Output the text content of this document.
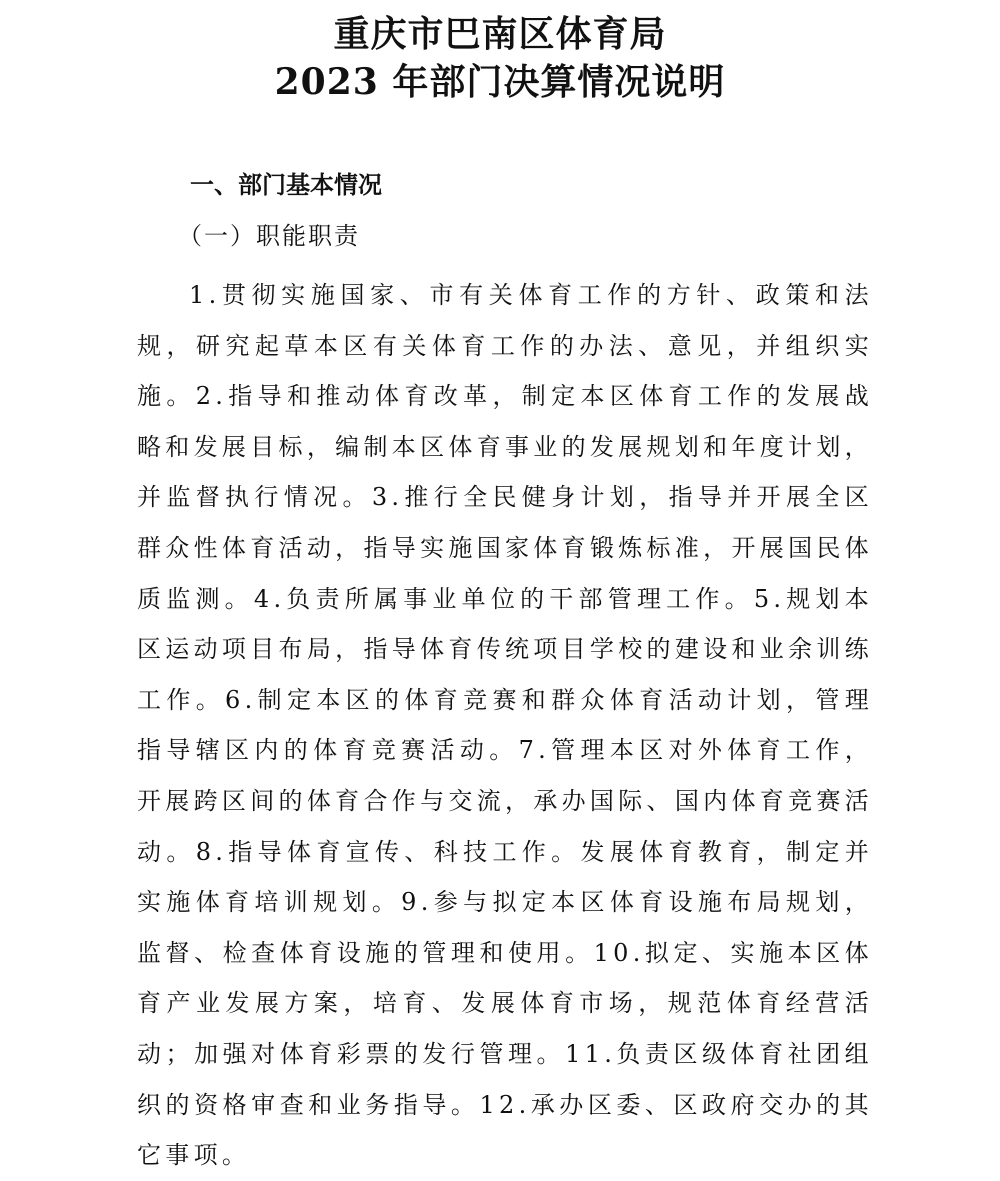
重庆市巴南区体育局
2023 年部门决算情况说明
一、部门基本情况
（一）职能职责
1.贯彻实施国家、市有关体育工作的方针、政策和法规，研究起草本区有关体育工作的办法、意见，并组织实施。2.指导和推动体育改革，制定本区体育工作的发展战略和发展目标，编制本区体育事业的发展规划和年度计划，并监督执行情况。3.推行全民健身计划，指导并开展全区群众性体育活动，指导实施国家体育锻炼标准，开展国民体质监测。4.负责所属事业单位的干部管理工作。5.规划本区运动项目布局，指导体育传统项目学校的建设和业余训练工作。6.制定本区的体育竞赛和群众体育活动计划，管理指导辖区内的体育竞赛活动。7.管理本区对外体育工作，开展跨区间的体育合作与交流，承办国际、国内体育竞赛活动。8.指导体育宣传、科技工作。发展体育教育，制定并实施体育培训规划。9.参与拟定本区体育设施布局规划，监督、检查体育设施的管理和使用。10.拟定、实施本区体育产业发展方案，培育、发展体育市场，规范体育经营活动；加强对体育彩票的发行管理。11.负责区级体育社团组织的资格审查和业务指导。12.承办区委、区政府交办的其它事项。
